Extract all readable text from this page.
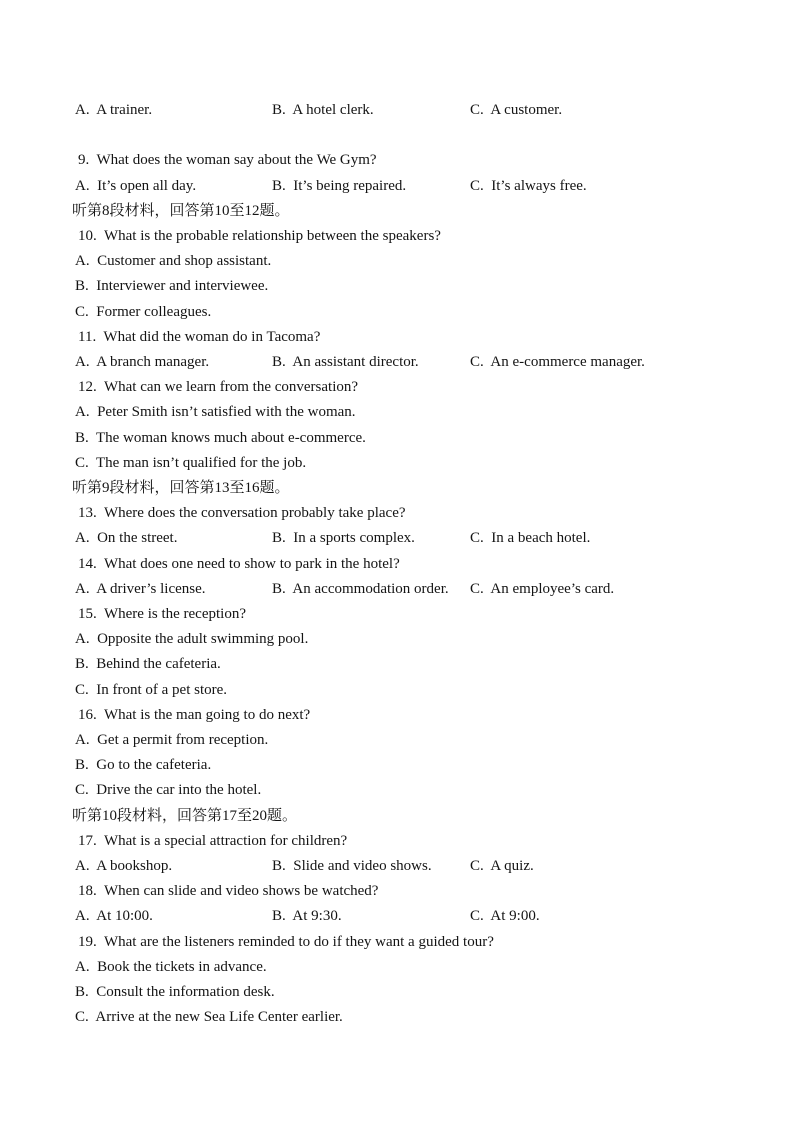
A.  A trainer.	B.  A hotel clerk.	C.  A customer.
9.  What does the woman say about the We Gym?
A.  It’s open all day.	B.  It’s being repaired.	C.  It’s always free.
听第8段材料，回答第10至12题。
10.  What is the probable relationship between the speakers?
A.  Customer and shop assistant.
B.  Interviewer and interviewee.
C.  Former colleagues.
11.  What did the woman do in Tacoma?
A.  A branch manager.	B.  An assistant director.	C.  An e-commerce manager.
12.  What can we learn from the conversation?
A.  Peter Smith isn’t satisfied with the woman.
B.  The woman knows much about e-commerce.
C.  The man isn’t qualified for the job.
听第9段材料，回答第13至16题。
13.  Where does the conversation probably take place?
A.  On the street.	B.  In a sports complex.	C.  In a beach hotel.
14.  What does one need to show to park in the hotel?
A.  A driver’s license.	B.  An accommodation order.	C.  An employee’s card.
15.  Where is the reception?
A.  Opposite the adult swimming pool.
B.  Behind the cafeteria.
C.  In front of a pet store.
16.  What is the man going to do next?
A.  Get a permit from reception.
B.  Go to the cafeteria.
C.  Drive the car into the hotel.
听第10段材料，回答第17至20题。
17.  What is a special attraction for children?
A.  A bookshop.	B.  Slide and video shows.	C.  A quiz.
18.  When can slide and video shows be watched?
A.  At 10:00.	B.  At 9:30.	C.  At 9:00.
19.  What are the listeners reminded to do if they want a guided tour?
A.  Book the tickets in advance.
B.  Consult the information desk.
C.  Arrive at the new Sea Life Center earlier.
